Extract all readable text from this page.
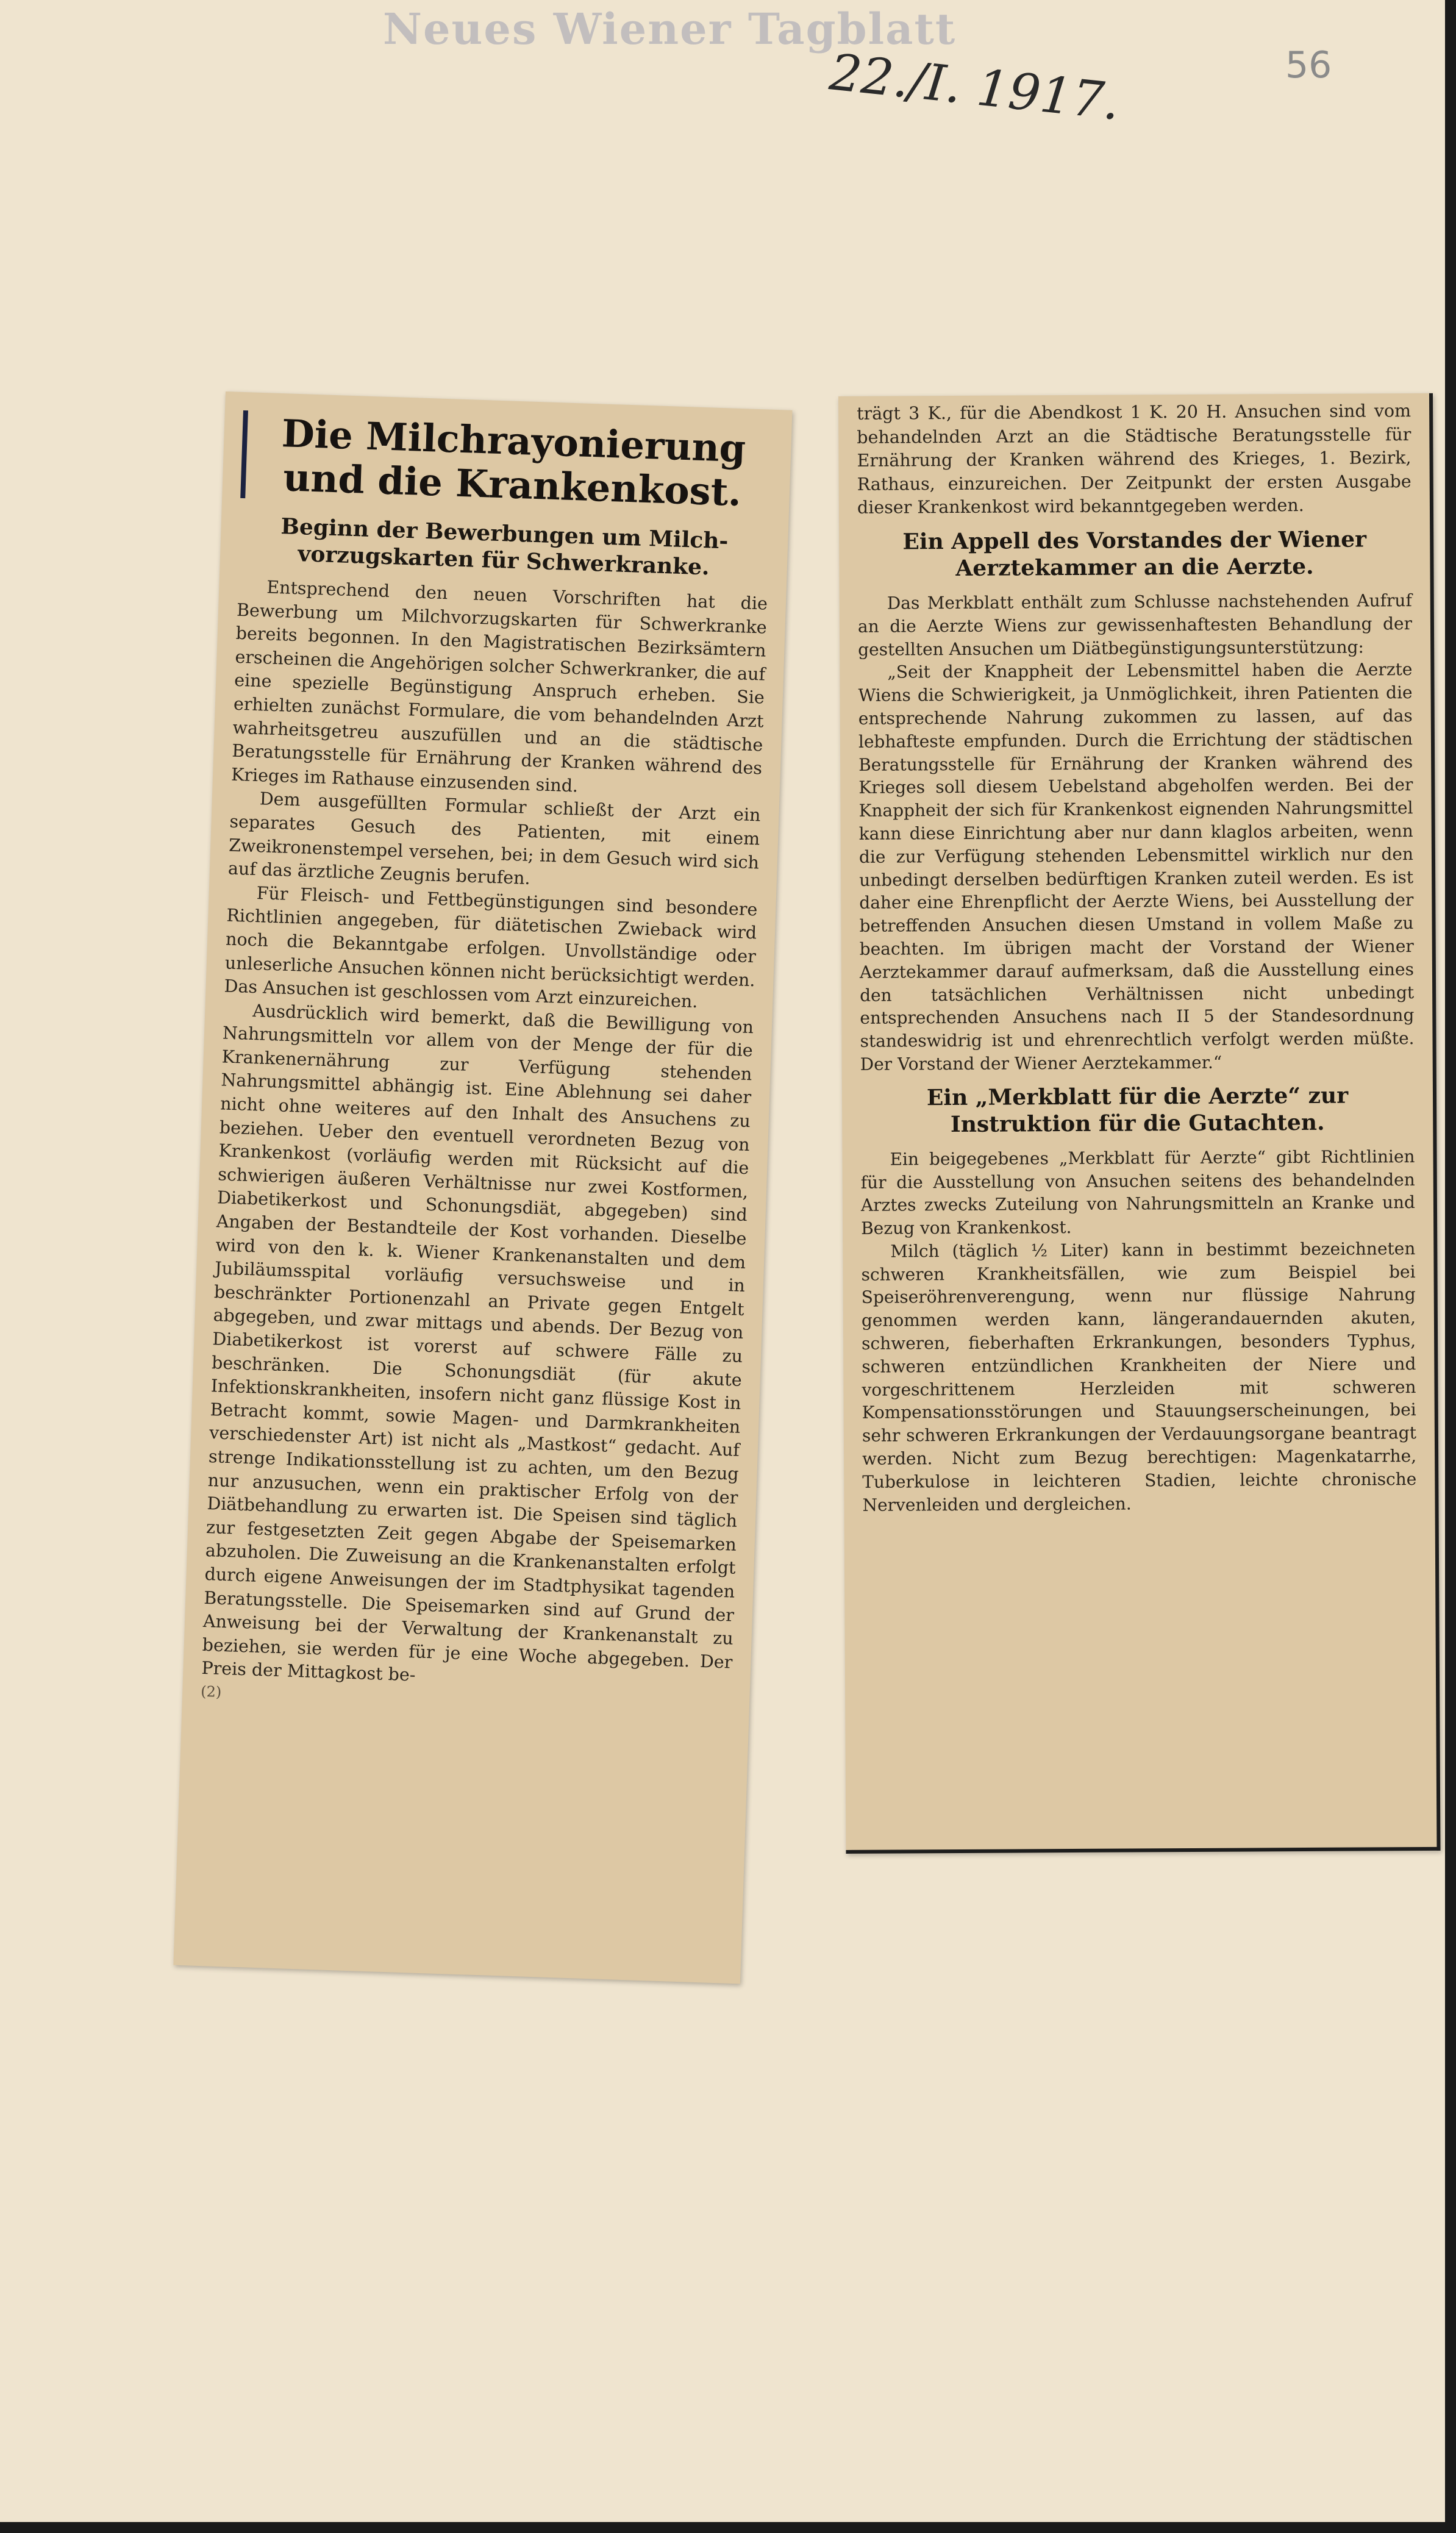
Neues Wiener Tagblatt
22./I. 1917.	56
Die Milchrayonierung und die Krankenkost.
Beginn der Bewerbungen um Milch-vorzugskarten für Schwerkranke.

Entsprechend den neuen Vorschriften hat die Bewerbung um Milchvorzugskarten für Schwerkranke bereits begonnen. In den Magistratischen Bezirksämtern erscheinen die Angehörigen solcher Schwerkranker, die auf eine spezielle Begünstigung Anspruch erheben. Sie erhielten zunächst Formulare, die vom behandelnden Arzt wahrheitsgetreu auszufüllen und an die städtische Beratungsstelle für Ernährung der Kranken während des Krieges im Rathause einzusenden sind.

Dem ausgefüllten Formular schließt der Arzt ein separates Gesuch des Patienten, mit einem Zweikronenstempel versehen, bei; in dem Gesuch wird sich auf das ärztliche Zeugnis berufen.

Für Fleisch- und Fettbegünstigungen sind besondere Richtlinien angegeben, für diätetischen Zwieback wird noch die Bekanntgabe erfolgen. Unvollständige oder unleserliche Ansuchen können nicht berücksichtigt werden. Das Ansuchen ist geschlossen vom Arzt einzureichen.

Ausdrücklich wird bemerkt, daß die Bewilligung von Nahrungsmitteln vor allem von der Menge der für die Krankenernährung zur Verfügung stehenden Nahrungsmittel abhängig ist. Eine Ablehnung sei daher nicht ohne weiteres auf den Inhalt des Ansuchens zu beziehen. Ueber den eventuell verordneten Bezug von Krankenkost (vorläufig werden mit Rücksicht auf die schwierigen äußeren Verhältnisse nur zwei Kostformen, Diabetikerkost und Schonungsdiät, abgegeben) sind Angaben der Bestandteile der Kost vorhanden. Dieselbe wird von den k. k. Wiener Krankenanstalten und dem Jubiläumsspital vorläufig versuchsweise und in beschränkter Portionenzahl an Private gegen Entgelt abgegeben, und zwar mittags und abends. Der Bezug von Diabetikerkost ist vorerst auf schwere Fälle zu beschränken. Die Schonungsdiät (für akute Infektionskrankheiten, insofern nicht ganz flüssige Kost in Betracht kommt, sowie Magen- und Darmkrankheiten verschiedenster Art) ist nicht als „Mastkost“ gedacht. Auf strenge Indikationsstellung ist zu achten, um den Bezug nur anzusuchen, wenn ein praktischer Erfolg von der Diätbehandlung zu erwarten ist. Die Speisen sind täglich zur festgesetzten Zeit gegen Abgabe der Speisemarken abzuholen. Die Zuweisung an die Krankenanstalten erfolgt durch eigene Anweisungen der im Stadtphysikat tagenden Beratungsstelle. Die Speisemarken sind auf Grund der Anweisung bei der Verwaltung der Krankenanstalt zu beziehen, sie werden für je eine Woche abgegeben. Der Preis der Mittagkost be-

(2)

trägt 3 K., für die Abendkost 1 K. 20 H. Ansuchen sind vom behandelnden Arzt an die Städtische Beratungsstelle für Ernährung der Kranken während des Krieges, 1. Bezirk, Rathaus, einzureichen. Der Zeitpunkt der ersten Ausgabe dieser Krankenkost wird bekanntgegeben werden.

Ein Appell des Vorstandes der Wiener Aerztekammer an die Aerzte.

Das Merkblatt enthält zum Schlusse nachstehenden Aufruf an die Aerzte Wiens zur gewissenhaftesten Behandlung der gestellten Ansuchen um Diätbegünstigungsunterstützung:

„Seit der Knappheit der Lebensmittel haben die Aerzte Wiens die Schwierigkeit, ja Unmöglichkeit, ihren Patienten die entsprechende Nahrung zukommen zu lassen, auf das lebhafteste empfunden. Durch die Errichtung der städtischen Beratungsstelle für Ernährung der Kranken während des Krieges soll diesem Uebelstand abgeholfen werden. Bei der Knappheit der sich für Krankenkost eignenden Nahrungsmittel kann diese Einrichtung aber nur dann klaglos arbeiten, wenn die zur Verfügung stehenden Lebensmittel wirklich nur den unbedingt derselben bedürftigen Kranken zuteil werden. Es ist daher eine Ehrenpflicht der Aerzte Wiens, bei Ausstellung der betreffenden Ansuchen diesen Umstand in vollem Maße zu beachten. Im übrigen macht der Vorstand der Wiener Aerztekammer darauf aufmerksam, daß die Ausstellung eines den tatsächlichen Verhältnissen nicht unbedingt entsprechenden Ansuchens nach II 5 der Standesordnung standeswidrig ist und ehrenrechtlich verfolgt werden müßte. Der Vorstand der Wiener Aerztekammer.“

Ein „Merkblatt für die Aerzte“ zur Instruktion für die Gutachten.

Ein beigegebenes „Merkblatt für Aerzte“ gibt Richtlinien für die Ausstellung von Ansuchen seitens des behandelnden Arztes zwecks Zuteilung von Nahrungsmitteln an Kranke und Bezug von Krankenkost.

Milch (täglich ½ Liter) kann in bestimmt bezeichneten schweren Krankheitsfällen, wie zum Beispiel bei Speiseröhrenverengung, wenn nur flüssige Nahrung genommen werden kann, längerandauernden akuten, schweren, fieberhaften Erkrankungen, besonders Typhus, schweren entzündlichen Krankheiten der Niere und vorgeschrittenem Herzleiden mit schweren Kompensationsstörungen und Stauungserscheinungen, bei sehr schweren Erkrankungen der Verdauungsorgane beantragt werden. Nicht zum Bezug berechtigen: Magenkatarrhe, Tuberkulose in leichteren Stadien, leichte chronische Nervenleiden und dergleichen.
